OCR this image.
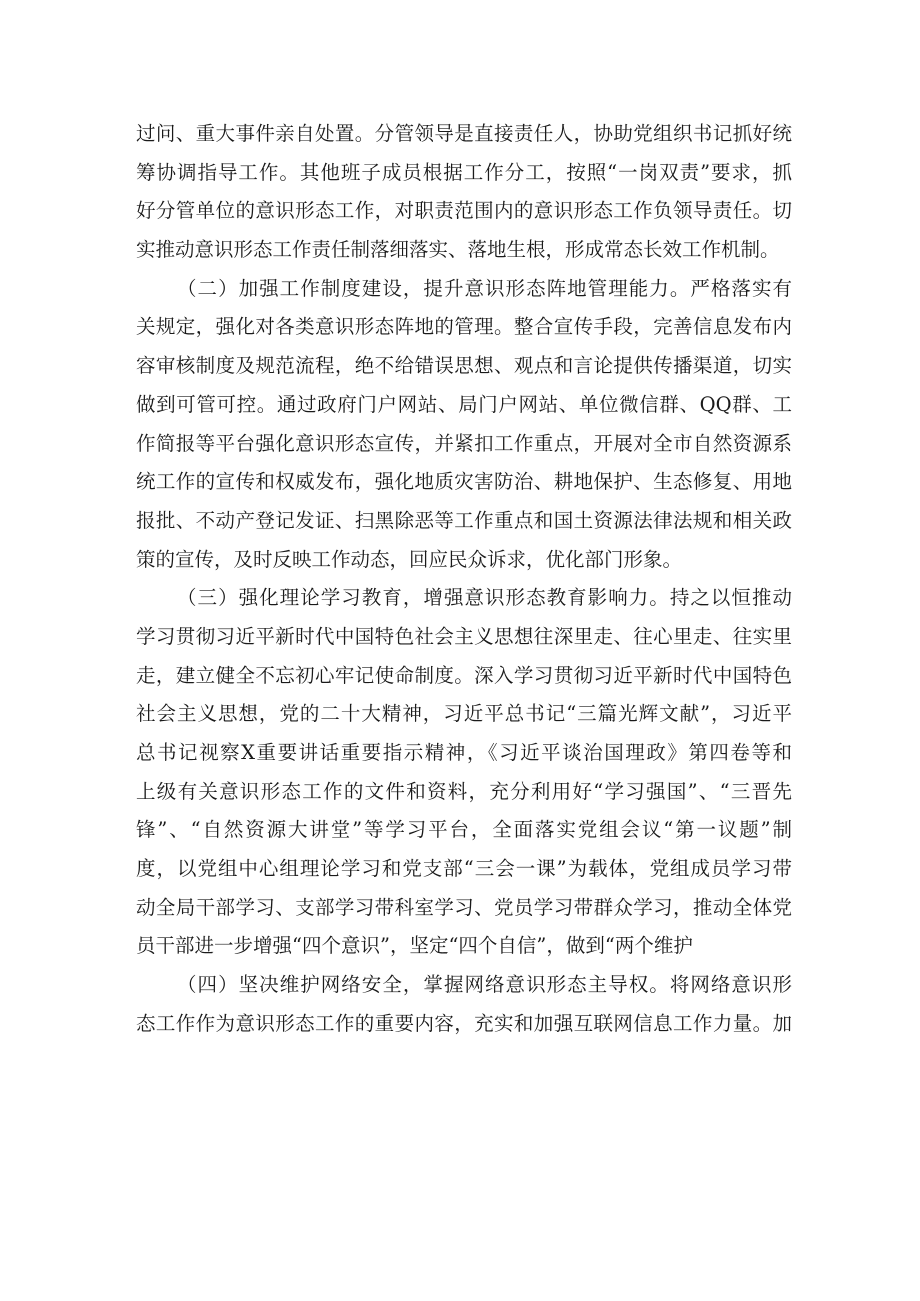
过问、重大事件亲自处置。分管领导是直接责任人，协助党组织书记抓好统
筹协调指导工作。其他班子成员根据工作分工，按照“一岗双责”要求，抓
好分管单位的意识形态工作，对职责范围内的意识形态工作负领导责任。切
实推动意识形态工作责任制落细落实、落地生根，形成常态长效工作机制。
（二）加强工作制度建设，提升意识形态阵地管理能力。严格落实有
关规定，强化对各类意识形态阵地的管理。整合宣传手段，完善信息发布内
容审核制度及规范流程，绝不给错误思想、观点和言论提供传播渠道，切实
做到可管可控。通过政府门户网站、局门户网站、单位微信群、QQ群、工
作简报等平台强化意识形态宣传，并紧扣工作重点，开展对全市自然资源系
统工作的宣传和权威发布，强化地质灾害防治、耕地保护、生态修复、用地
报批、不动产登记发证、扫黑除恶等工作重点和国土资源法律法规和相关政
策的宣传，及时反映工作动态，回应民众诉求，优化部门形象。
（三）强化理论学习教育，增强意识形态教育影响力。持之以恒推动
学习贯彻习近平新时代中国特色社会主义思想往深里走、往心里走、往实里
走，建立健全不忘初心牢记使命制度。深入学习贯彻习近平新时代中国特色
社会主义思想，党的二十大精神，习近平总书记“三篇光辉文献”，习近平
总书记视察X重要讲话重要指示精神，《习近平谈治国理政》第四卷等和
上级有关意识形态工作的文件和资料，充分利用好“学习强国”、“三晋先
锋”、“自然资源大讲堂”等学习平台，全面落实党组会议“第一议题”制
度，以党组中心组理论学习和党支部“三会一课”为载体，党组成员学习带
动全局干部学习、支部学习带科室学习、党员学习带群众学习，推动全体党
员干部进一步增强“四个意识”，坚定“四个自信”，做到“两个维护
（四）坚决维护网络安全，掌握网络意识形态主导权。将网络意识形
态工作作为意识形态工作的重要内容，充实和加强互联网信息工作力量。加
